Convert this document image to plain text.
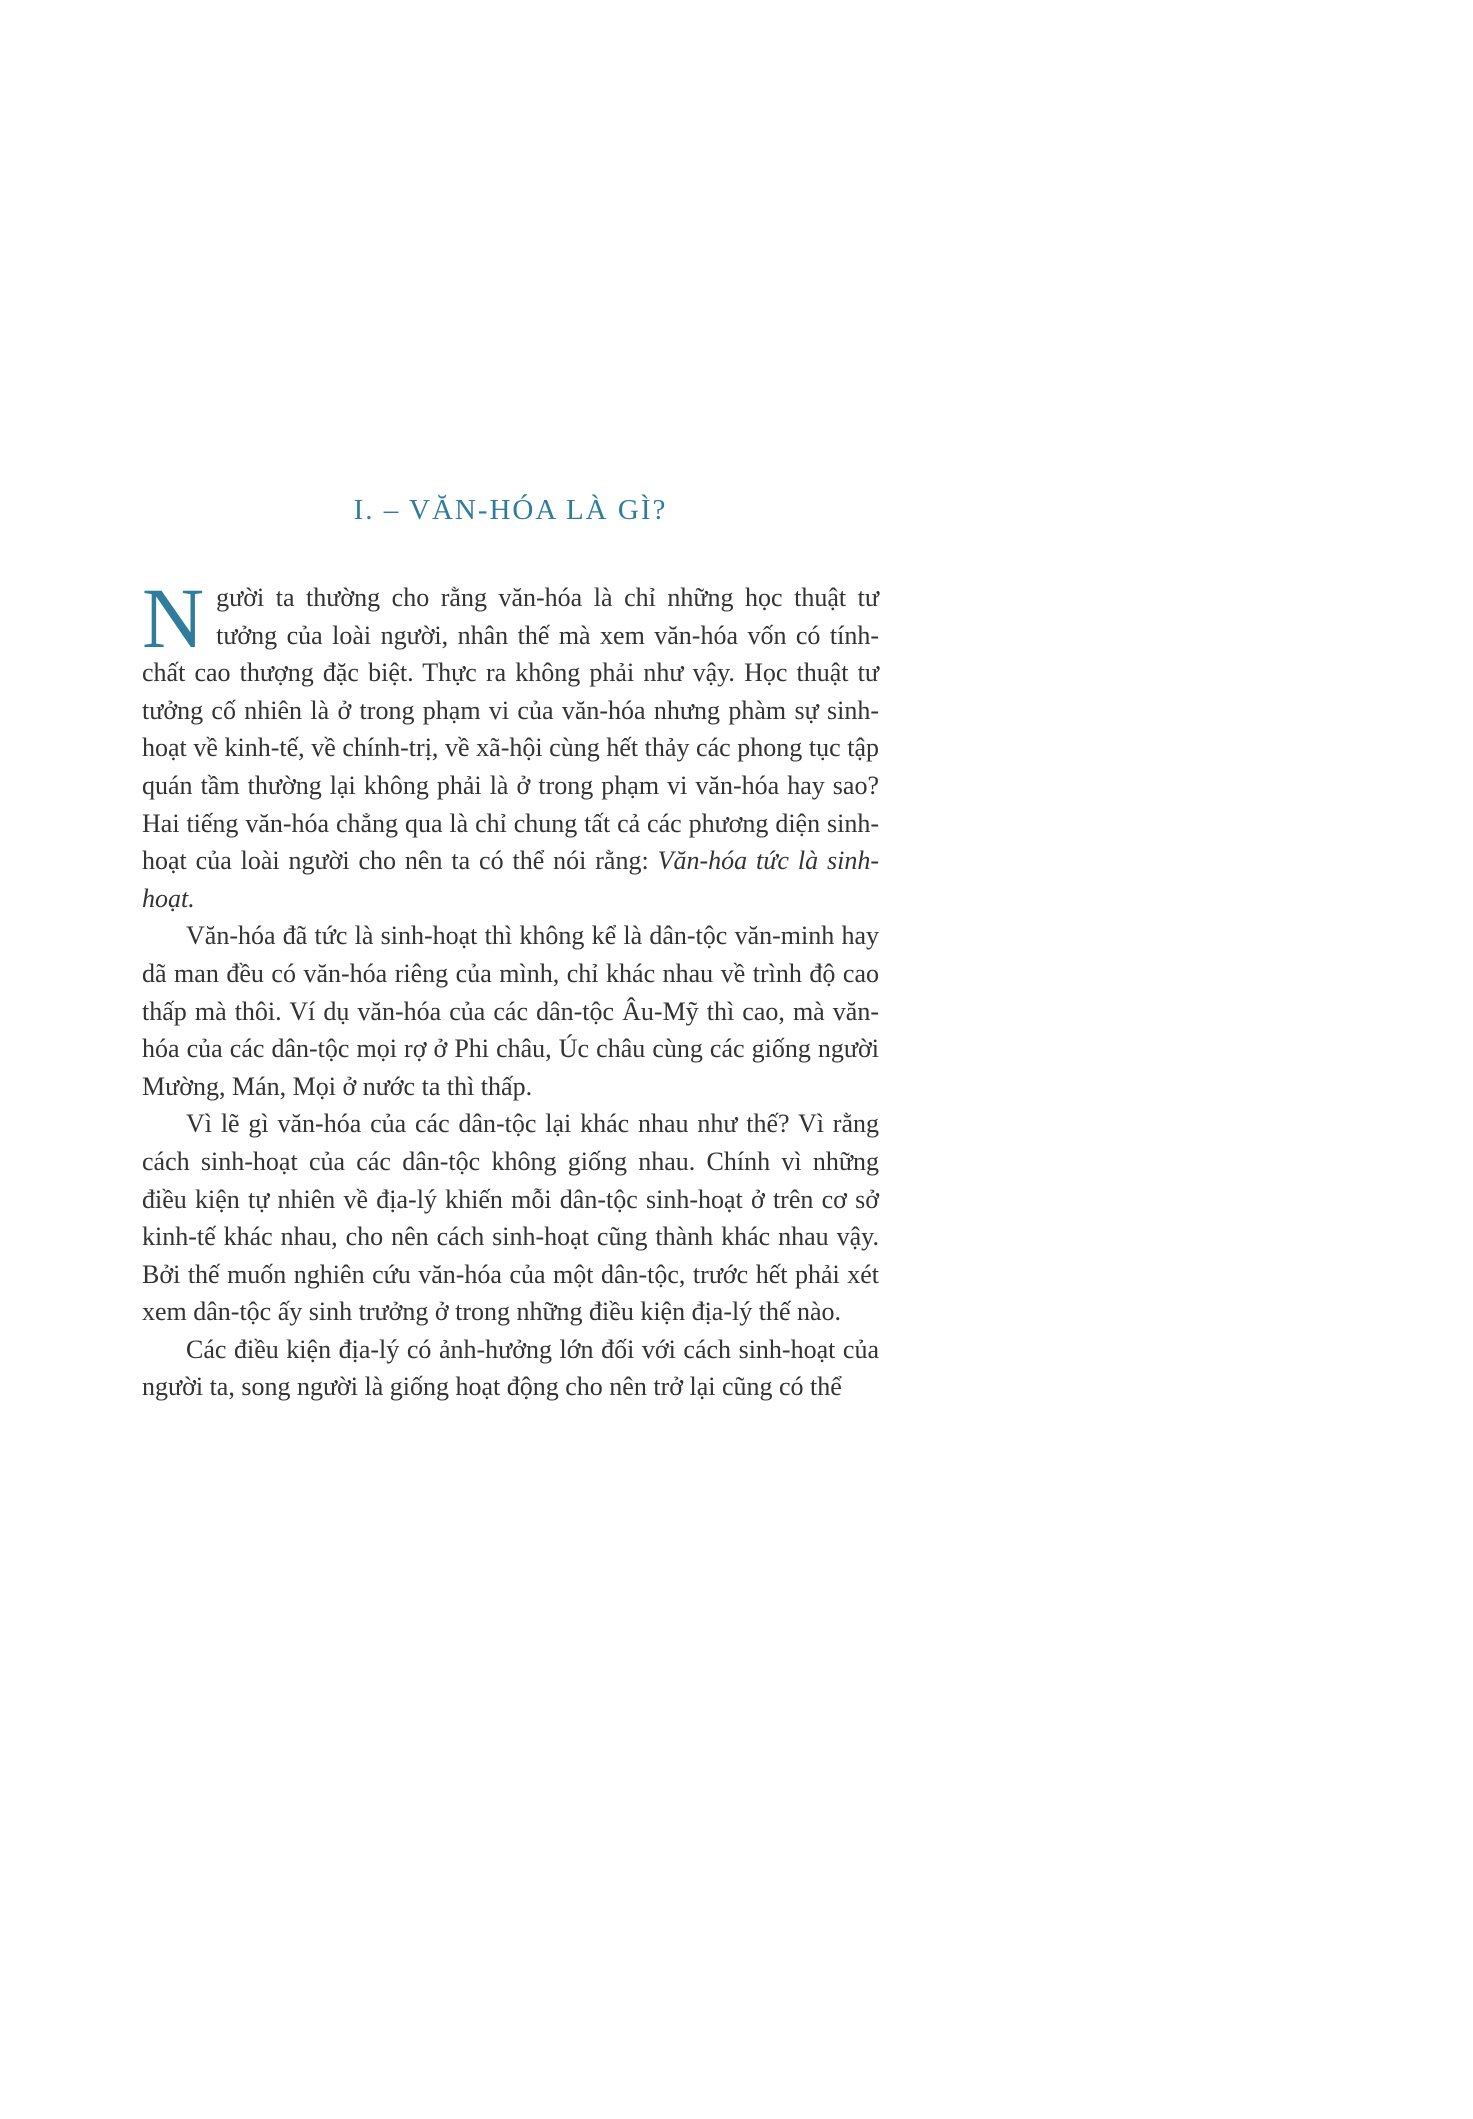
I. – VĂN-HÓA LÀ GÌ?

Người ta thường cho rằng văn-hóa là chỉ những học thuật tư tưởng của loài người, nhân thế mà xem văn-hóa vốn có tính-chất cao thượng đặc biệt. Thực ra không phải như vậy. Học thuật tư tưởng cố nhiên là ở trong phạm vi của văn-hóa nhưng phàm sự sinh-hoạt về kinh-tế, về chính-trị, về xã-hội cùng hết thảy các phong tục tập quán tầm thường lại không phải là ở trong phạm vi văn-hóa hay sao? Hai tiếng văn-hóa chẳng qua là chỉ chung tất cả các phương diện sinh-hoạt của loài người cho nên ta có thể nói rằng: Văn-hóa tức là sinh-hoạt.

Văn-hóa đã tức là sinh-hoạt thì không kể là dân-tộc văn-minh hay dã man đều có văn-hóa riêng của mình, chỉ khác nhau về trình độ cao thấp mà thôi. Ví dụ văn-hóa của các dân-tộc Âu-Mỹ thì cao, mà văn-hóa của các dân-tộc mọi rợ ở Phi châu, Úc châu cùng các giống người Mường, Mán, Mọi ở nước ta thì thấp.

Vì lẽ gì văn-hóa của các dân-tộc lại khác nhau như thế? Vì rằng cách sinh-hoạt của các dân-tộc không giống nhau. Chính vì những điều kiện tự nhiên về địa-lý khiến mỗi dân-tộc sinh-hoạt ở trên cơ sở kinh-tế khác nhau, cho nên cách sinh-hoạt cũng thành khác nhau vậy. Bởi thế muốn nghiên cứu văn-hóa của một dân-tộc, trước hết phải xét xem dân-tộc ấy sinh trưởng ở trong những điều kiện địa-lý thế nào.

Các điều kiện địa-lý có ảnh-hưởng lớn đối với cách sinh-hoạt của người ta, song người là giống hoạt động cho nên trở lại cũng có thể
